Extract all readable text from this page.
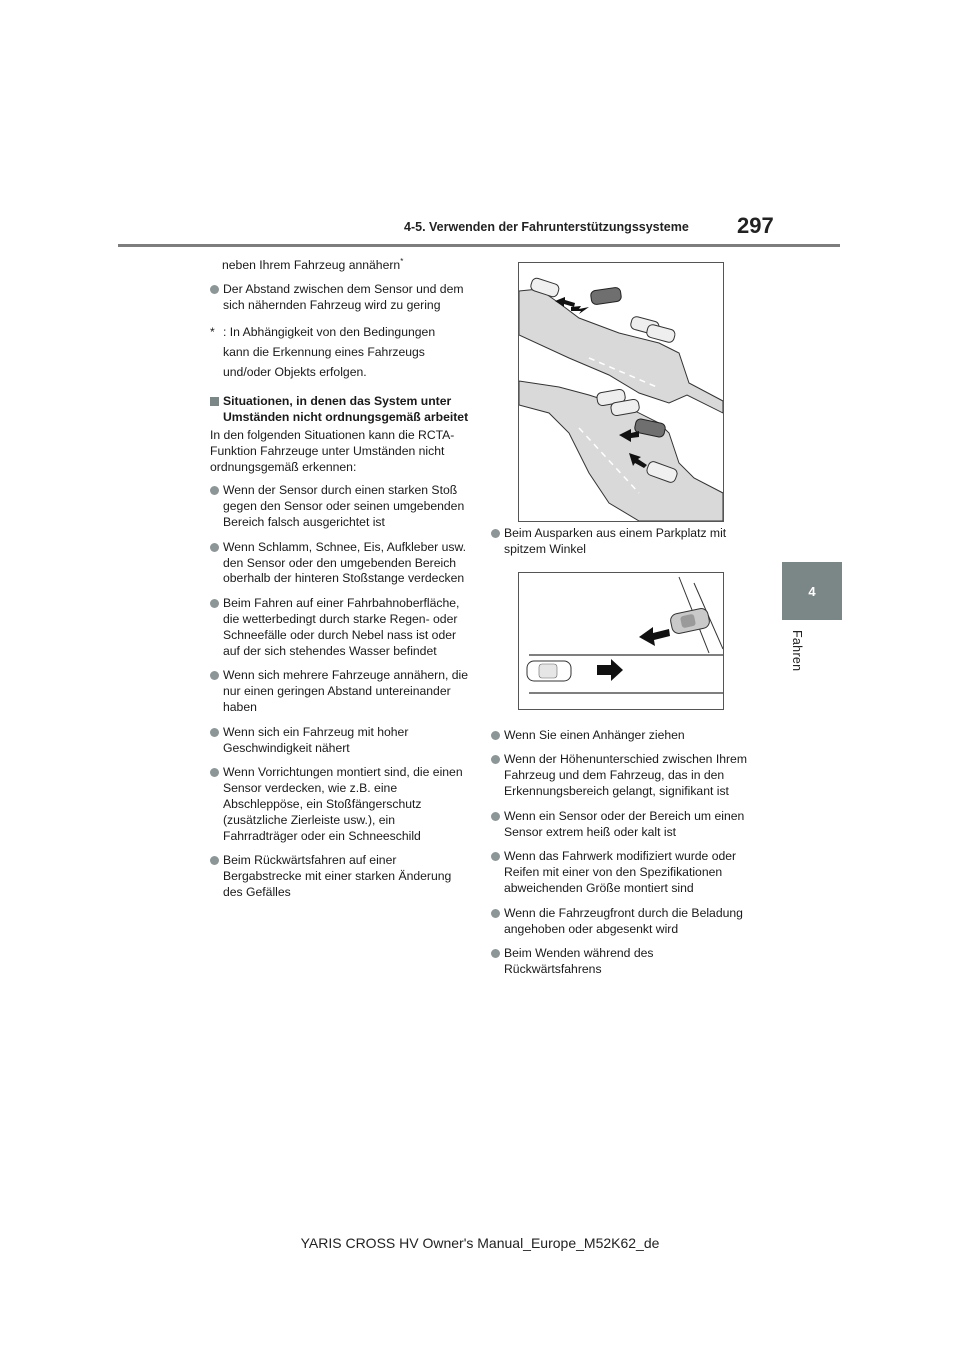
4-5. Verwenden der Fahrunterstützungssysteme 297
4
Fahren

neben Ihrem Fahrzeug annähern*

Der Abstand zwischen dem Sensor und dem sich nähernden Fahrzeug wird zu gering
* : In Abhängigkeit von den Bedingungen

kann die Erkennung eines Fahrzeugs

und/oder Objekts erfolgen.

Situationen, in denen das System unter Umständen nicht ordnungsgemäß arbeitet

In den folgenden Situationen kann die RCTA-Funktion Fahrzeuge unter Umständen nicht ordnungsgemäß erkennen:

Wenn der Sensor durch einen starken Stoß gegen den Sensor oder seinen umgebenden Bereich falsch ausgerichtet ist
Wenn Schlamm, Schnee, Eis, Aufkleber usw. den Sensor oder den umgebenden Bereich oberhalb der hinteren Stoßstange verdecken
Beim Fahren auf einer Fahrbahnoberfläche, die wetterbedingt durch starke Regen- oder Schneefälle oder durch Nebel nass ist oder auf der sich stehendes Wasser befindet
Wenn sich mehrere Fahrzeuge annähern, die nur einen geringen Abstand untereinander haben
Wenn sich ein Fahrzeug mit hoher Geschwindigkeit nähert
Wenn Vorrichtungen montiert sind, die einen Sensor verdecken, wie z.B. eine Abschleppöse, ein Stoßfängerschutz (zusätzliche Zierleiste usw.), ein Fahrradträger oder ein Schneeschild
Beim Rückwärtsfahren auf einer Bergabstrecke mit einer starken Änderung des Gefälles
Beim Ausparken aus einem Parkplatz mit spitzem Winkel
Wenn Sie einen Anhänger ziehen
Wenn der Höhenunterschied zwischen Ihrem Fahrzeug und dem Fahrzeug, das in den Erkennungsbereich gelangt, signifikant ist
Wenn ein Sensor oder der Bereich um einen Sensor extrem heiß oder kalt ist
Wenn das Fahrwerk modifiziert wurde oder Reifen mit einer von den Spezifikationen abweichenden Größe montiert sind
Wenn die Fahrzeugfront durch die Beladung angehoben oder abgesenkt wird
Beim Wenden während des Rückwärtsfahrens
YARIS CROSS HV Owner's Manual_Europe_M52K62_de
